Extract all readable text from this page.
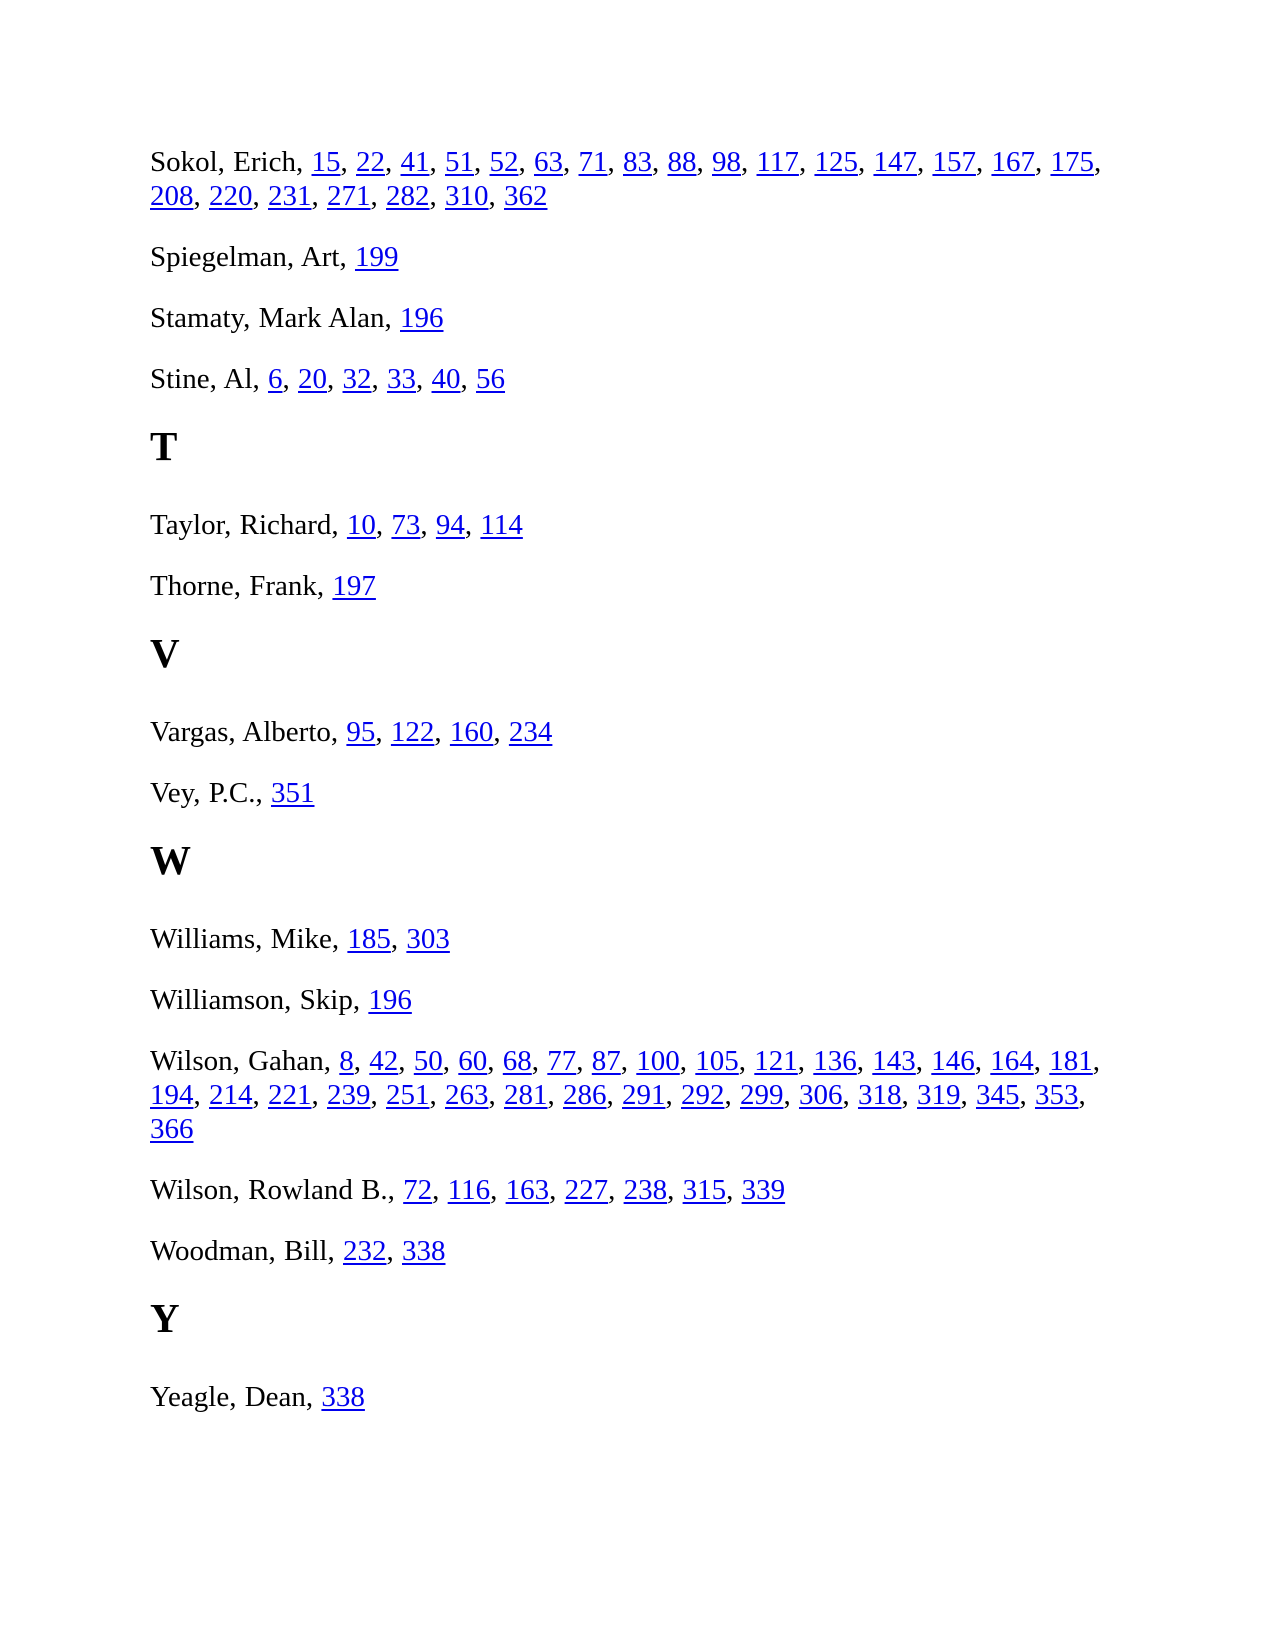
Sokol, Erich, 15, 22, 41, 51, 52, 63, 71, 83, 88, 98, 117, 125, 147, 157, 167, 175, 208, 220, 231, 271, 282, 310, 362

Spiegelman, Art, 199

Stamaty, Mark Alan, 196

Stine, Al, 6, 20, 32, 33, 40, 56

T

Taylor, Richard, 10, 73, 94, 114

Thorne, Frank, 197

V

Vargas, Alberto, 95, 122, 160, 234

Vey, P.C., 351

W

Williams, Mike, 185, 303

Williamson, Skip, 196

Wilson, Gahan, 8, 42, 50, 60, 68, 77, 87, 100, 105, 121, 136, 143, 146, 164, 181, 194, 214, 221, 239, 251, 263, 281, 286, 291, 292, 299, 306, 318, 319, 345, 353, 366

Wilson, Rowland B., 72, 116, 163, 227, 238, 315, 339

Woodman, Bill, 232, 338

Y

Yeagle, Dean, 338
